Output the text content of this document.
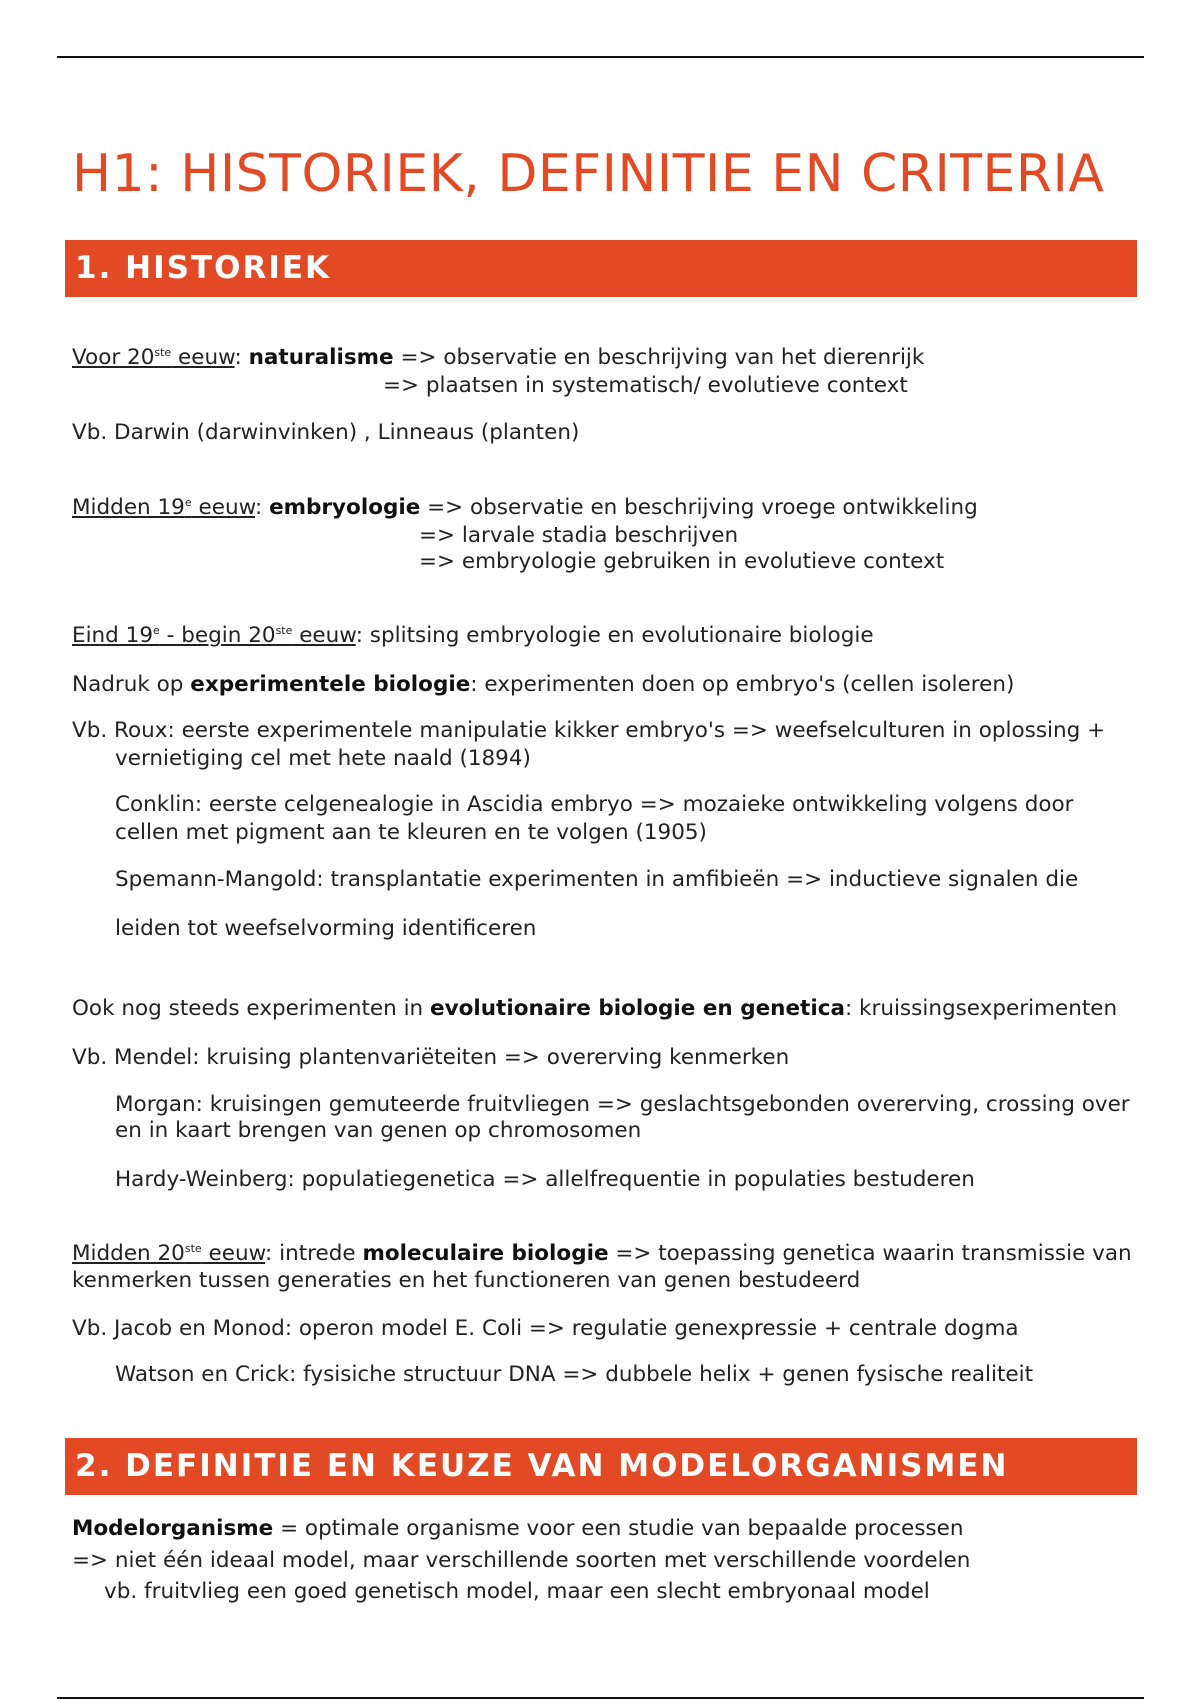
H1: HISTORIEK, DEFINITIE EN CRITERIA
1. HISTORIEK
Voor 20ste eeuw: naturalisme => observatie en beschrijving van het dierenrijk
=> plaatsen in systematisch/ evolutieve context
Vb. Darwin (darwinvinken) , Linneaus (planten)
Midden 19e eeuw: embryologie => observatie en beschrijving vroege ontwikkeling
=> larvale stadia beschrijven
=> embryologie gebruiken in evolutieve context
Eind 19e - begin 20ste eeuw: splitsing embryologie en evolutionaire biologie
Nadruk op experimentele biologie: experimenten doen op embryo's (cellen isoleren)
Vb. Roux: eerste experimentele manipulatie kikker embryo's => weefselculturen in oplossing +
vernietiging cel met hete naald (1894)
Conklin: eerste celgenealogie in Ascidia embryo => mozaieke ontwikkeling volgens door
cellen met pigment aan te kleuren en te volgen (1905)
Spemann-Mangold: transplantatie experimenten in amfibieën => inductieve signalen die
leiden tot weefselvorming identificeren
Ook nog steeds experimenten in evolutionaire biologie en genetica: kruissingsexperimenten
Vb. Mendel: kruising plantenvariëteiten => overerving kenmerken
Morgan: kruisingen gemuteerde fruitvliegen => geslachtsgebonden overerving, crossing over
en in kaart brengen van genen op chromosomen
Hardy-Weinberg: populatiegenetica => allelfrequentie in populaties bestuderen
Midden 20ste eeuw: intrede moleculaire biologie => toepassing genetica waarin transmissie van
kenmerken tussen generaties en het functioneren van genen bestudeerd
Vb. Jacob en Monod: operon model E. Coli => regulatie genexpressie + centrale dogma
Watson en Crick: fysisiche structuur DNA => dubbele helix + genen fysische realiteit
2. DEFINITIE EN KEUZE VAN MODELORGANISMEN
Modelorganisme = optimale organisme voor een studie van bepaalde processen
=> niet één ideaal model, maar verschillende soorten met verschillende voordelen
vb. fruitvlieg een goed genetisch model, maar een slecht embryonaal model
